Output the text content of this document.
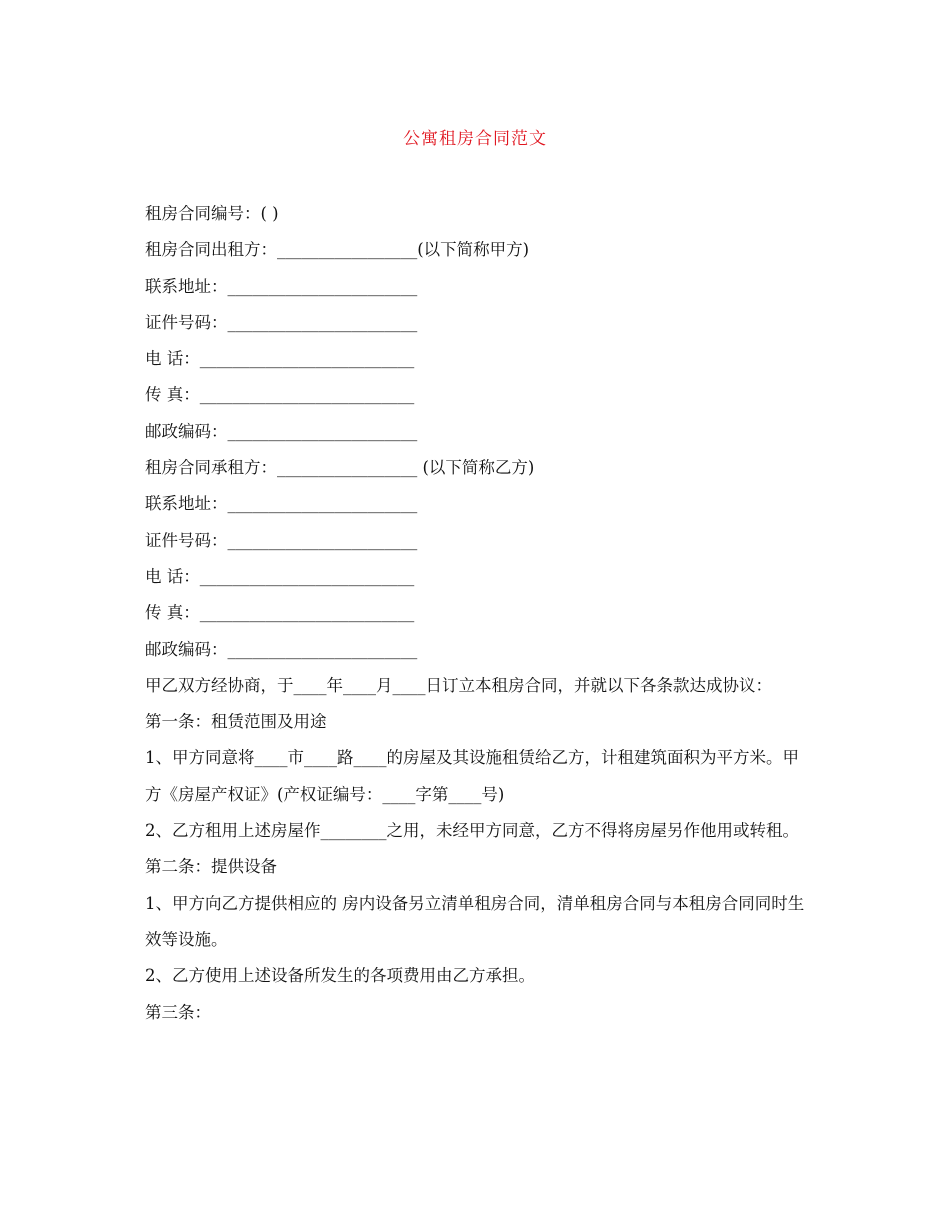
公寓租房合同范文
租房合同编号：( )
租房合同出租方：_________________(以下简称甲方)
联系地址：_______________________
证件号码：_______________________
电 话：__________________________
传 真：__________________________
邮政编码：_______________________
租房合同承租方：_________________ (以下简称乙方)
联系地址：_______________________
证件号码：_______________________
电 话：__________________________
传 真：__________________________
邮政编码：_______________________
甲乙双方经协商，于____年____月____日订立本租房合同，并就以下各条款达成协议：
第一条：租赁范围及用途
1、甲方同意将____市____路____的房屋及其设施租赁给乙方，计租建筑面积为平方米。甲方《房屋产权证》(产权证编号：____字第____号)
2、乙方租用上述房屋作________之用，未经甲方同意，乙方不得将房屋另作他用或转租。
第二条：提供设备
1、甲方向乙方提供相应的 房内设备另立清单租房合同，清单租房合同与本租房合同同时生效等设施。
2、乙方使用上述设备所发生的各项费用由乙方承担。
第三条：
